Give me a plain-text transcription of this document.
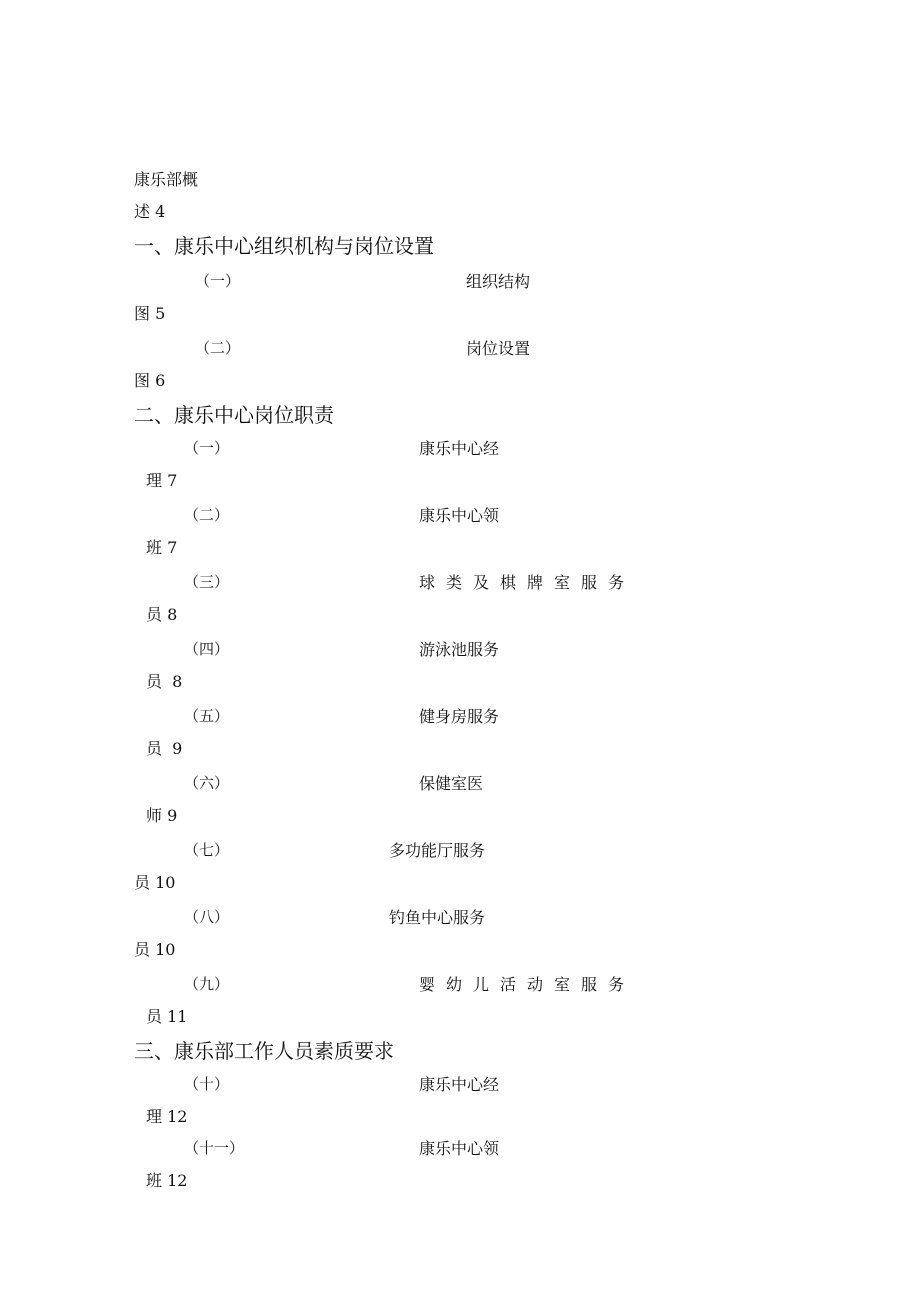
康乐部概
述 4
一、康乐中心组织机构与岗位设置
（一）	组织结构
图 5
（二）	岗位设置
图 6
二、康乐中心岗位职责
（一）	康乐中心经
理 7
（二）	康乐中心领
班 7
（三）	球类及棋牌室服务
员 8
（四）	游泳池服务
员  8
（五）	健身房服务
员  9
（六）	保健室医
师 9
（七）	多功能厅服务
员 10
（八）	钓鱼中心服务
员 10
（九）	婴幼儿活动室服务
员 11
三、康乐部工作人员素质要求
（十）	康乐中心经
理 12
（十一）	康乐中心领
班 12
